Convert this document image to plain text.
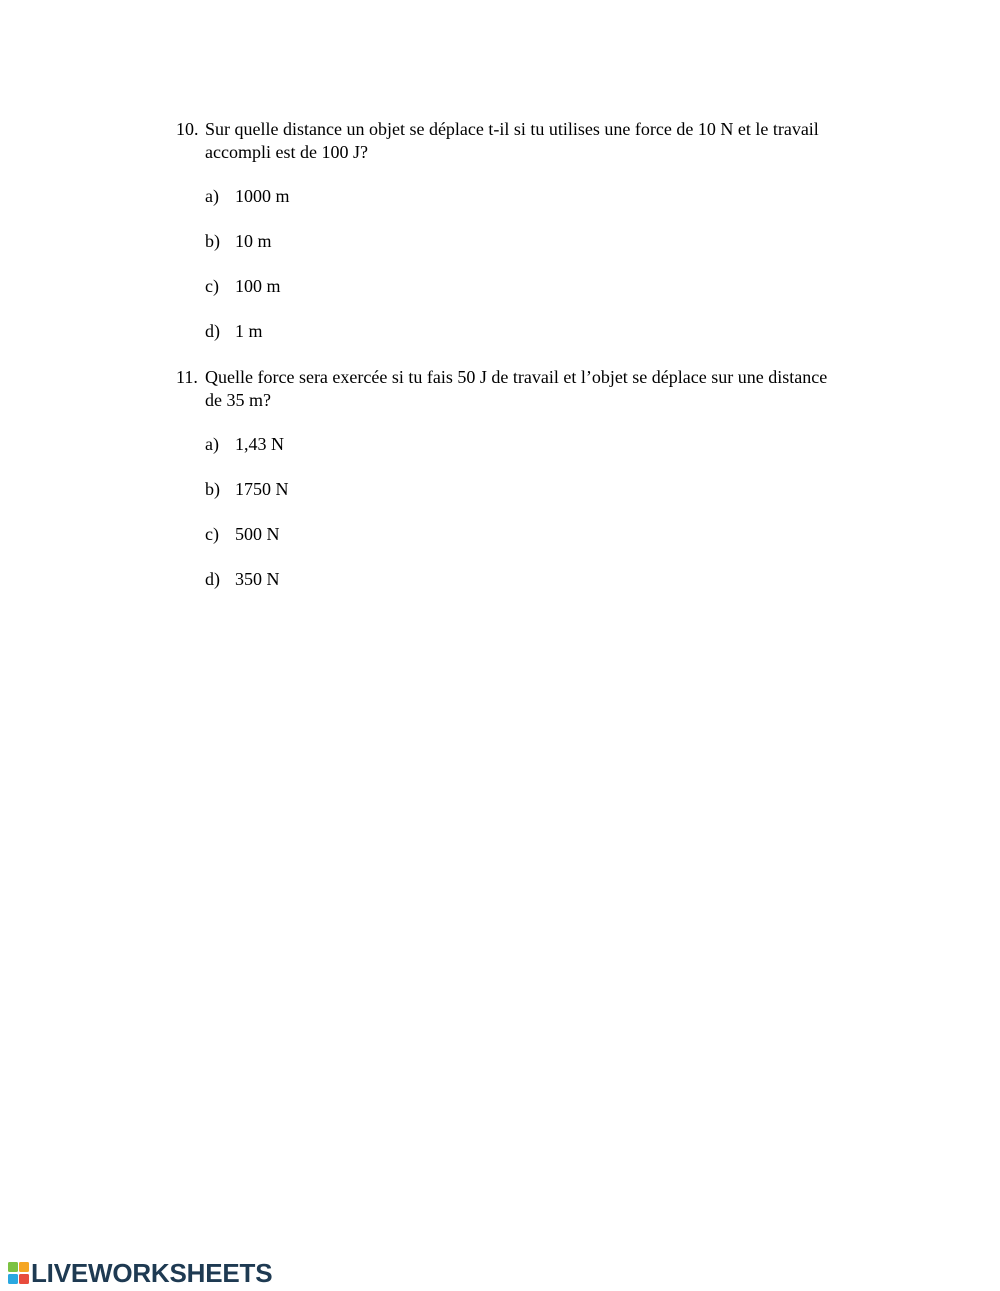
10. Sur quelle distance un objet se déplace t-il si tu utilises une force de 10 N et le travail accompli est de 100 J?
a) 1000 m
b) 10 m
c) 100 m
d) 1 m
11. Quelle force sera exercée si tu fais 50 J de travail et l’objet se déplace sur une distance de 35 m?
a) 1,43 N
b) 1750 N
c) 500 N
d) 350 N
LIVEWORKSHEETS
